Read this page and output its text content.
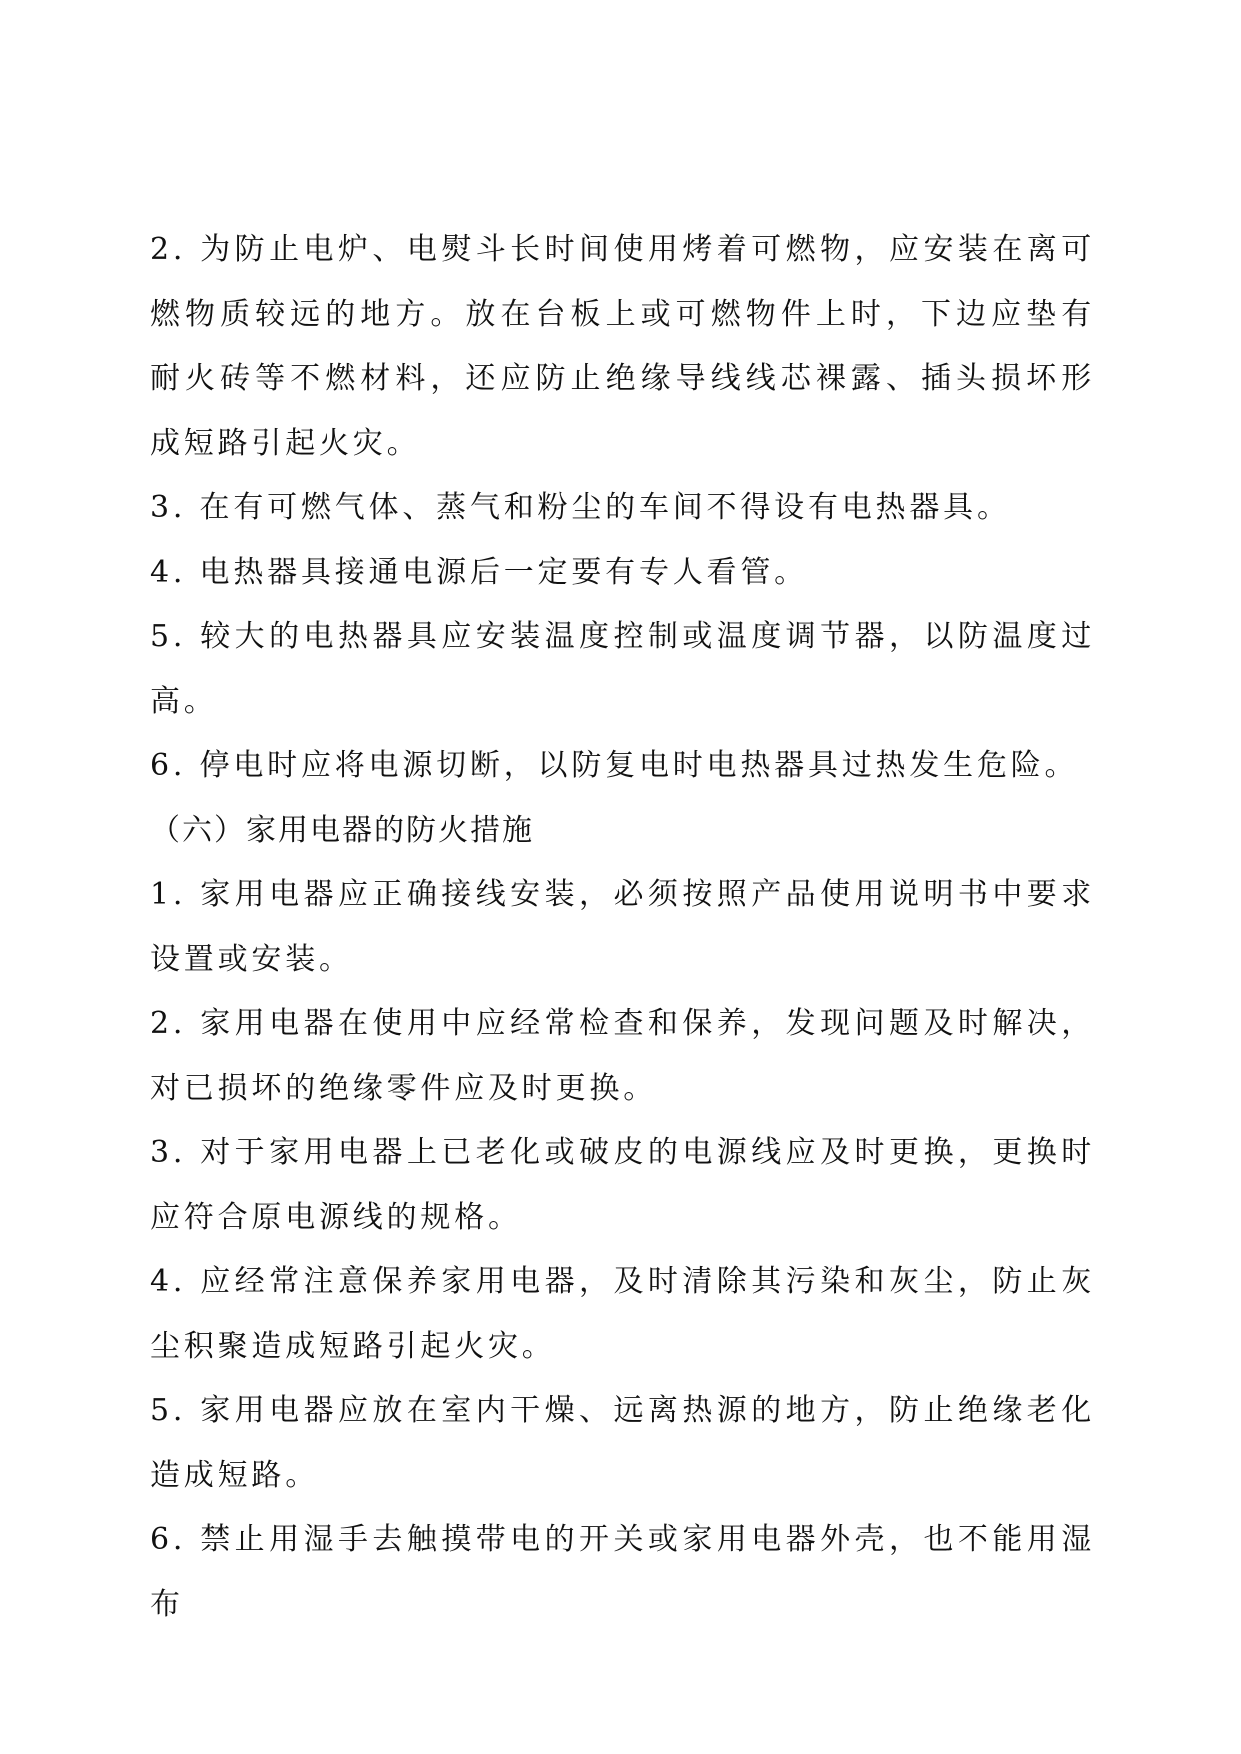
2. 为防止电炉、电熨斗长时间使用烤着可燃物，应安装在离可燃物质较远的地方。放在台板上或可燃物件上时，下边应垫有耐火砖等不燃材料，还应防止绝缘导线线芯裸露、插头损坏形成短路引起火灾。

3. 在有可燃气体、蒸气和粉尘的车间不得设有电热器具。

4. 电热器具接通电源后一定要有专人看管。

5. 较大的电热器具应安装温度控制或温度调节器，以防温度过高。

6. 停电时应将电源切断，以防复电时电热器具过热发生危险。

（六）家用电器的防火措施

1. 家用电器应正确接线安装，必须按照产品使用说明书中要求设置或安装。

2. 家用电器在使用中应经常检查和保养，发现问题及时解决，对已损坏的绝缘零件应及时更换。

3. 对于家用电器上已老化或破皮的电源线应及时更换，更换时应符合原电源线的规格。

4. 应经常注意保养家用电器，及时清除其污染和灰尘，防止灰尘积聚造成短路引起火灾。

5. 家用电器应放在室内干燥、远离热源的地方，防止绝缘老化造成短路。

6. 禁止用湿手去触摸带电的开关或家用电器外壳，也不能用湿布
